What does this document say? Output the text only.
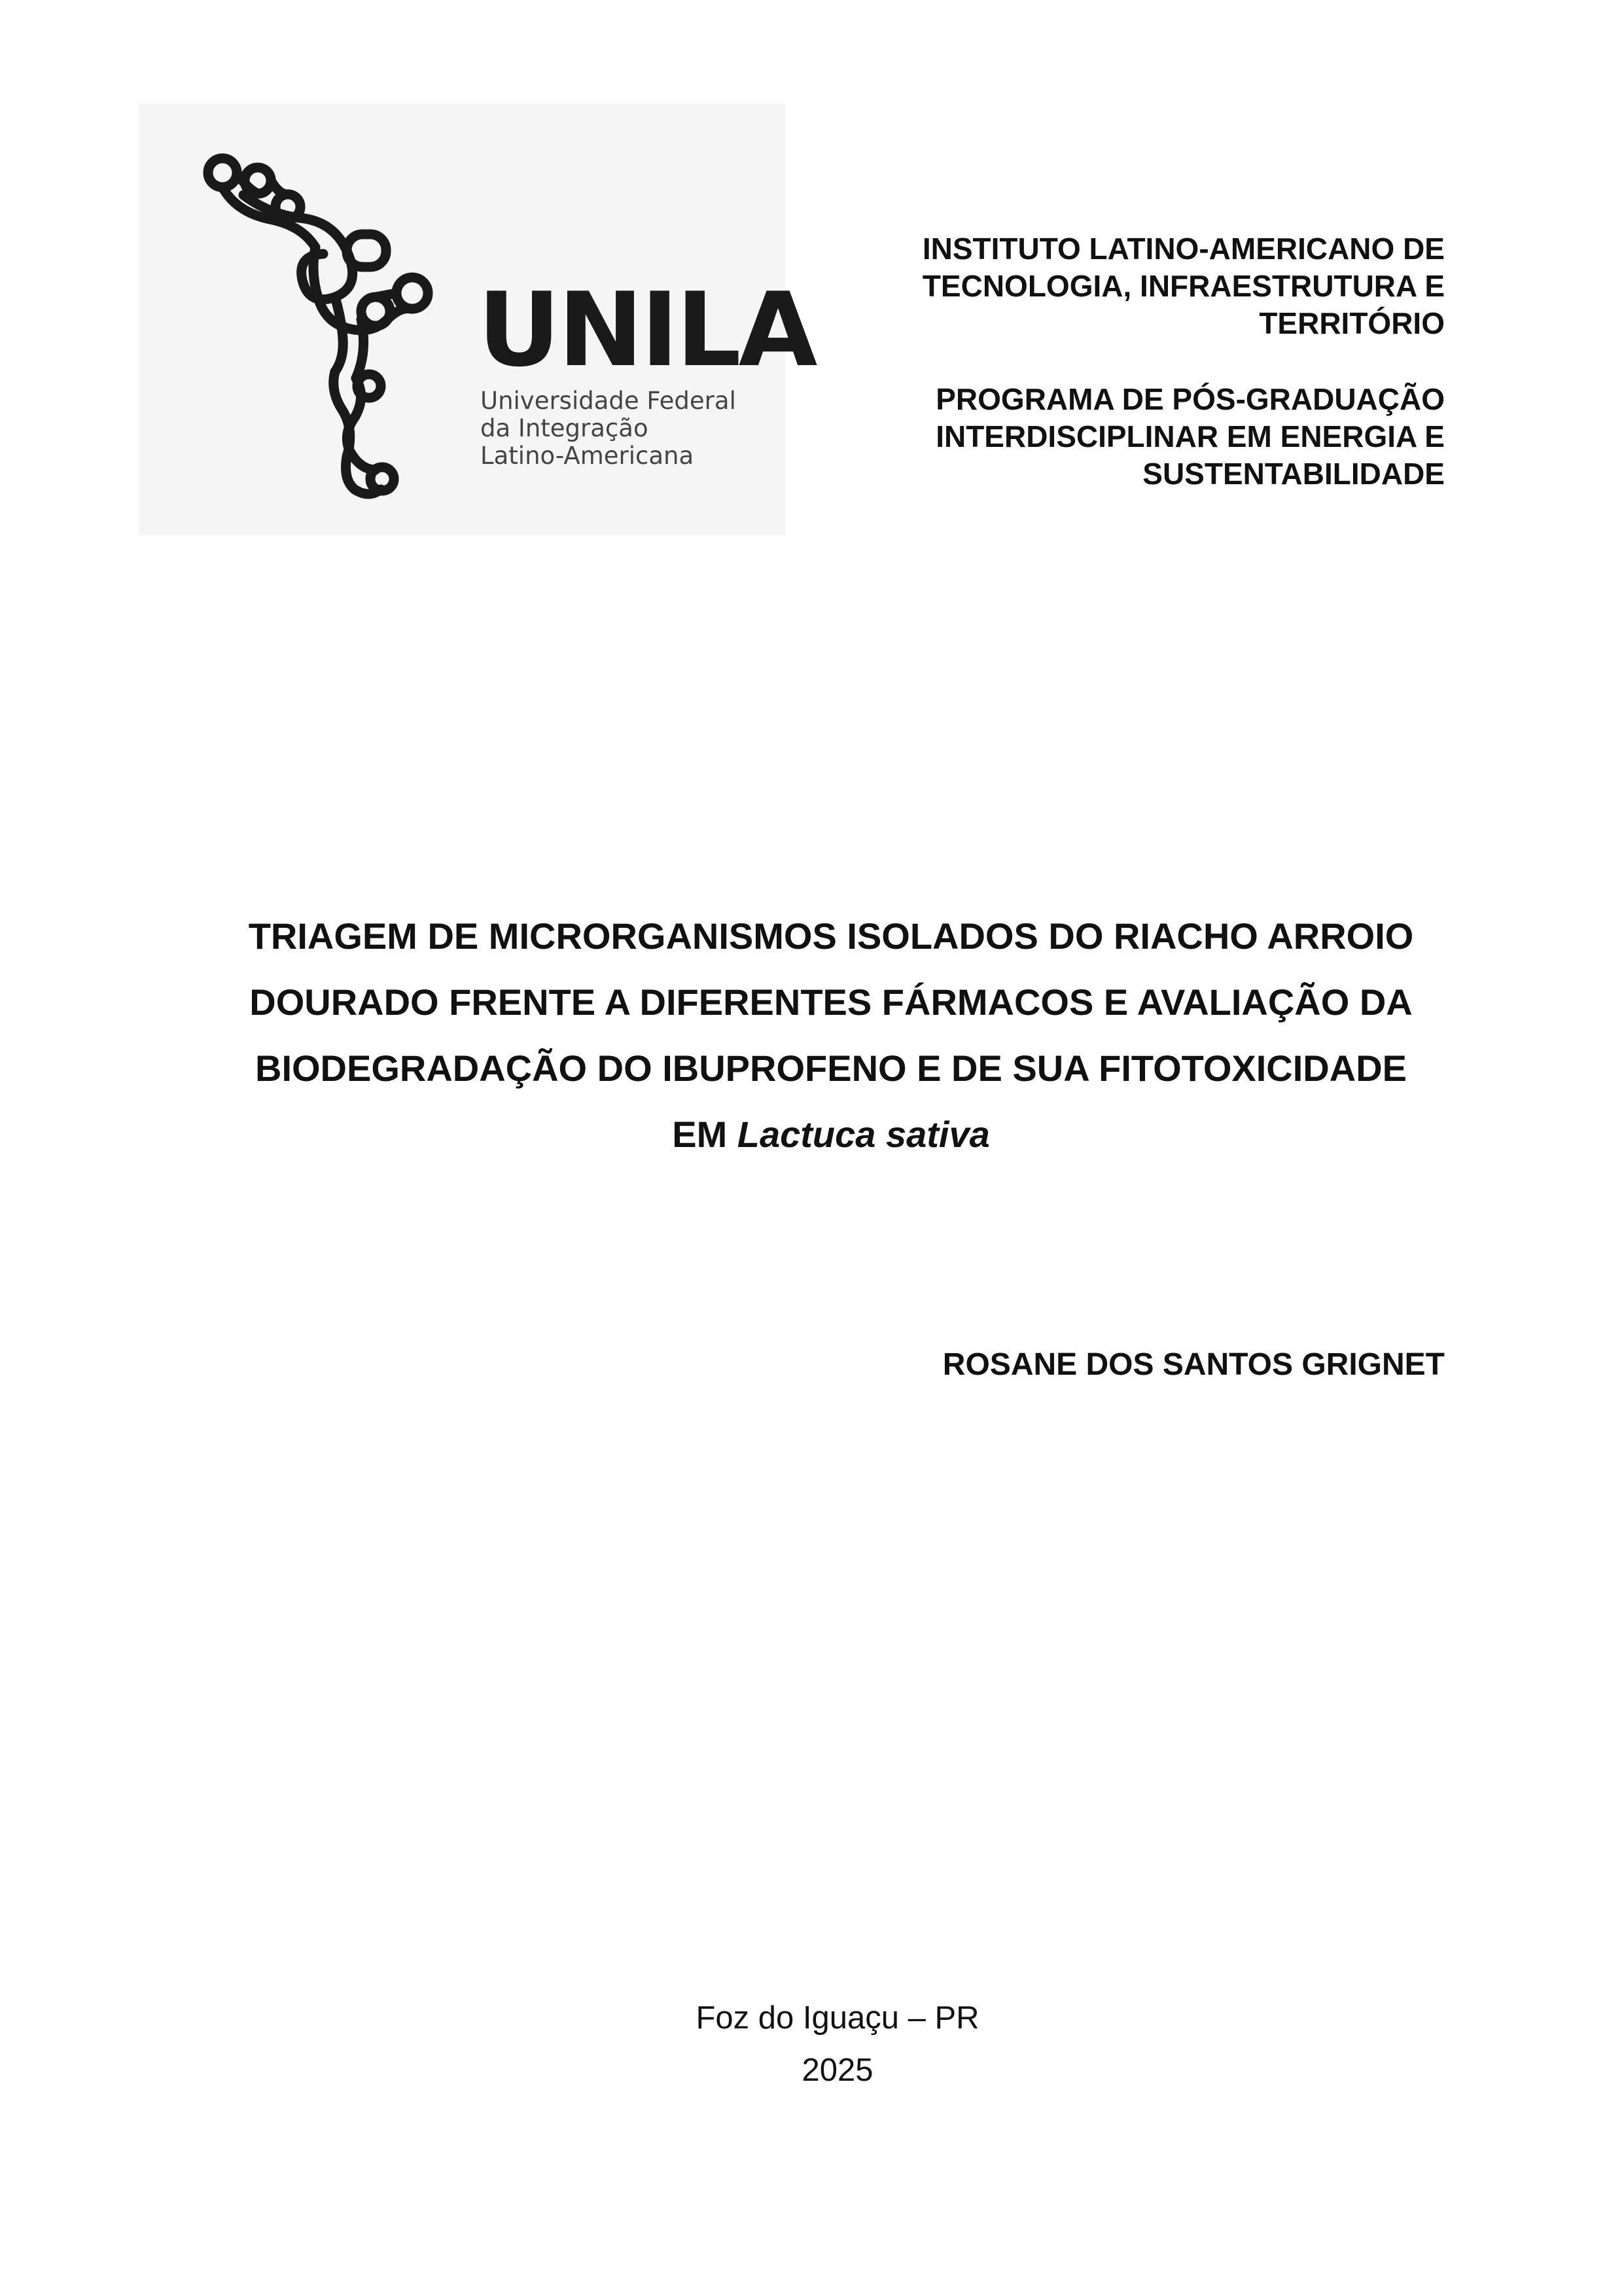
UNILA
Universidade Federal
da Integração
Latino-Americana
INSTITUTO LATINO-AMERICANO DE
TECNOLOGIA, INFRAESTRUTURA E
TERRITÓRIO
PROGRAMA DE PÓS-GRADUAÇÃO
INTERDISCIPLINAR EM ENERGIA E
SUSTENTABILIDADE
TRIAGEM DE MICRORGANISMOS ISOLADOS DO RIACHO ARROIO
DOURADO FRENTE A DIFERENTES FÁRMACOS E AVALIAÇÃO DA
BIODEGRADAÇÃO DO IBUPROFENO E DE SUA FITOTOXICIDADE
EM Lactuca sativa
ROSANE DOS SANTOS GRIGNET
Foz do Iguaçu – PR
2025
